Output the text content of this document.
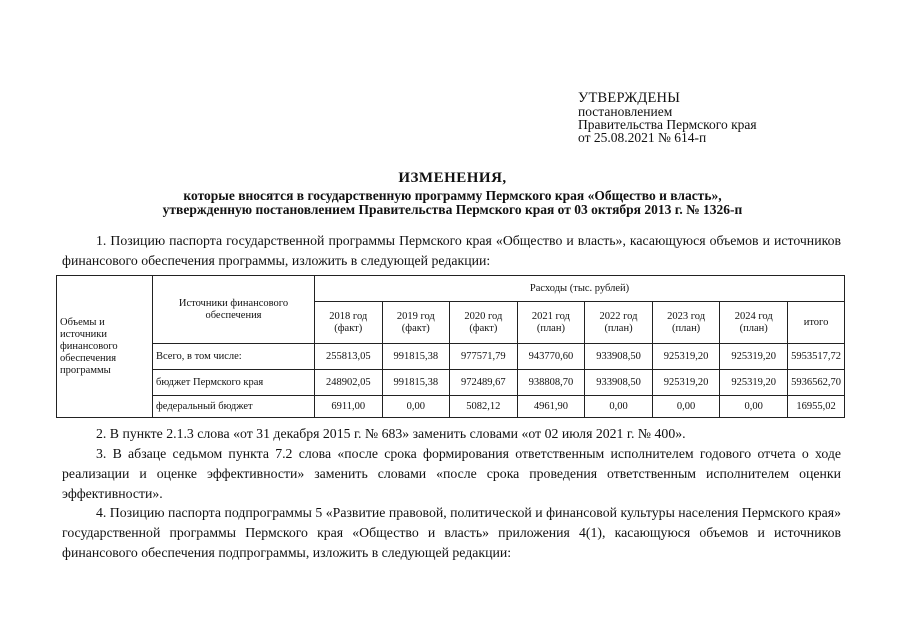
УТВЕРЖДЕНЫ
постановлением
Правительства Пермского края
от 25.08.2021 № 614-п
ИЗМЕНЕНИЯ,
которые вносятся в государственную программу Пермского края «Общество и власть»,
утвержденную постановлением Правительства Пермского края от 03 октября 2013 г. № 1326-п
1. Позицию паспорта государственной программы Пермского края «Общество и власть», касающуюся объемов и источников финансового обеспечения программы, изложить в следующей редакции:
Объемы и источники финансового обеспечения программы	Источники финансового обеспечения	Расходы (тыс. рублей)							
		2018 год (факт)	2019 год (факт)	2020 год (факт)	2021 год (план)	2022 год (план)	2023 год (план)	2024 год (план)	итого
	Всего, в том числе:	255813,05	991815,38	977571,79	943770,60	933908,50	925319,20	925319,20	5953517,72
	бюджет Пермского края	248902,05	991815,38	972489,67	938808,70	933908,50	925319,20	925319,20	5936562,70
	федеральный бюджет	6911,00	0,00	5082,12	4961,90	0,00	0,00	0,00	16955,02
2. В пункте 2.1.3 слова «от 31 декабря 2015 г. № 683» заменить словами «от 02 июля 2021 г. № 400».
3. В абзаце седьмом пункта 7.2 слова «после срока формирования ответственным исполнителем годового отчета о ходе реализации и оценке эффективности» заменить словами «после срока проведения ответственным исполнителем оценки эффективности».
4. Позицию паспорта подпрограммы 5 «Развитие правовой, политической и финансовой культуры населения Пермского края» государственной программы Пермского края «Общество и власть» приложения 4(1), касающуюся объемов и источников финансового обеспечения подпрограммы, изложить в следующей редакции:
